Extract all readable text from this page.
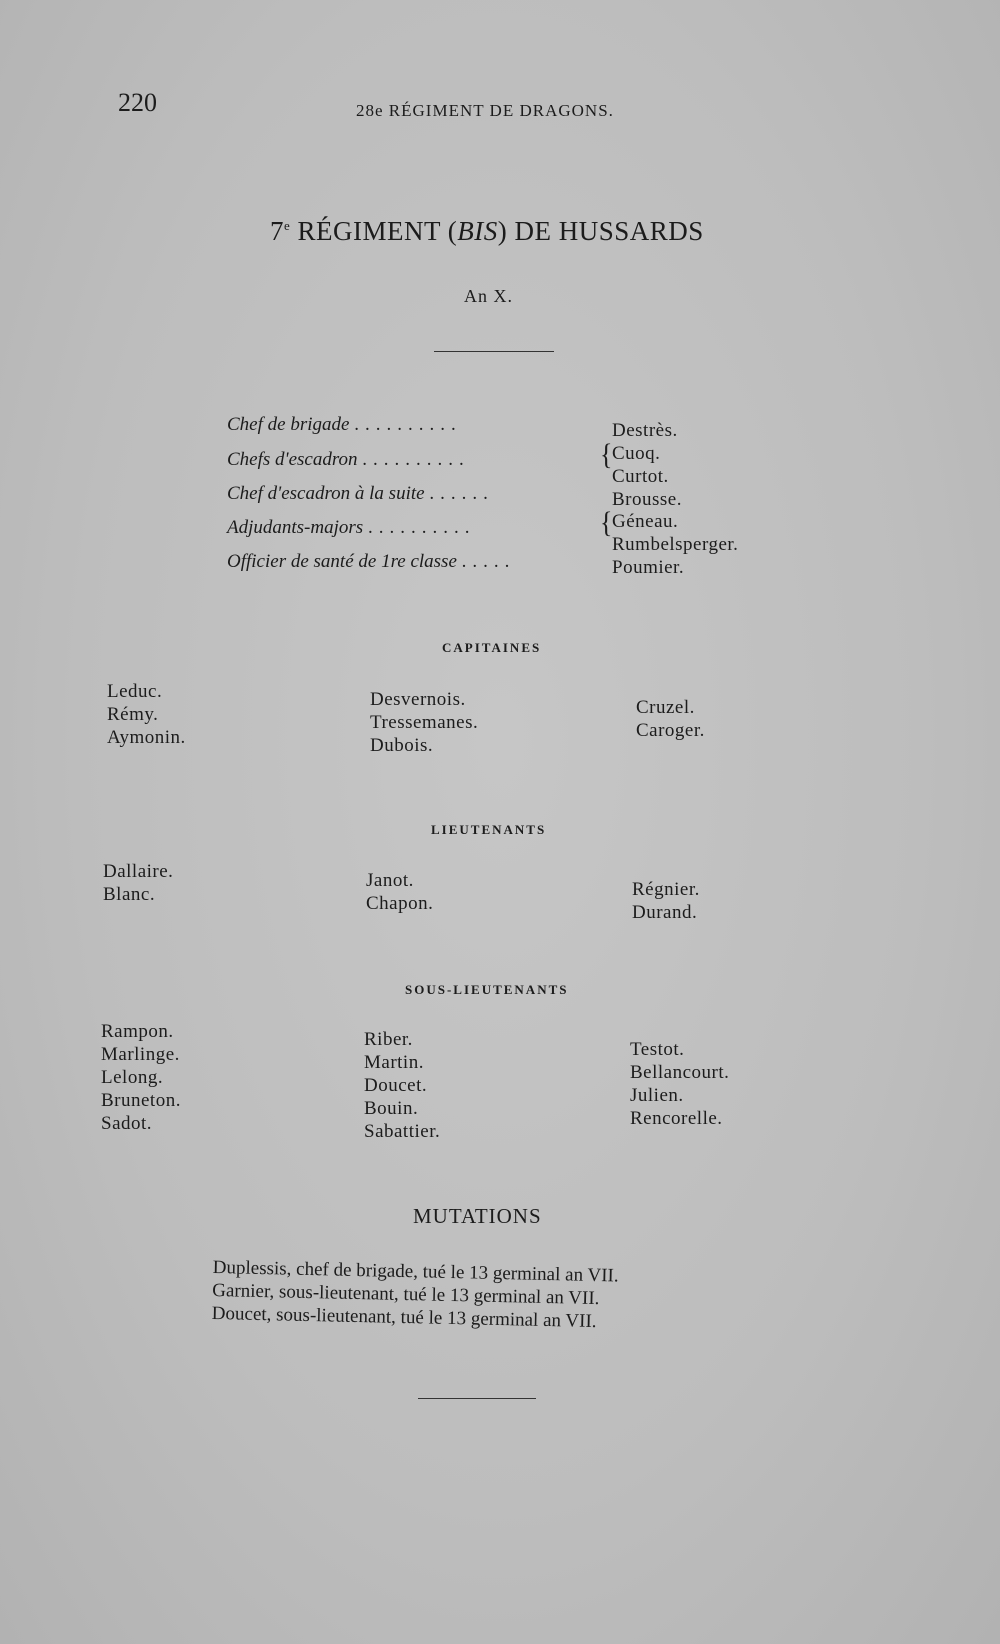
220	28e RÉGIMENT DE DRAGONS.
7e RÉGIMENT (BIS) DE HUSSARDS
An X.
Chef de brigade ..........
Chefs d'escadron ..........
Chef d'escadron à la suite ......
Adjudants-majors ..........
Officier de santé de 1re classe .....
Destrès.
{ Cuoq.
Curtot.
Brousse.
{ Géneau.
Rumbelsperger.
Poumier.
CAPITAINES
Leduc.
Rémy.
Aymonin.
Desvernois.
Tressemanes.
Dubois.
Cruzel.
Caroger.
LIEUTENANTS
Dallaire.
Blanc.
Janot.
Chapon.
Régnier.
Durand.
SOUS-LIEUTENANTS
Rampon.
Marlinge.
Lelong.
Bruneton.
Sadot.
Riber.
Martin.
Doucet.
Bouin.
Sabattier.
Testot.
Bellancourt.
Julien.
Rencorelle.
MUTATIONS
Duplessis, chef de brigade, tué le 13 germinal an VII.
Garnier, sous-lieutenant, tué le 13 germinal an VII.
Doucet, sous-lieutenant, tué le 13 germinal an VII.
